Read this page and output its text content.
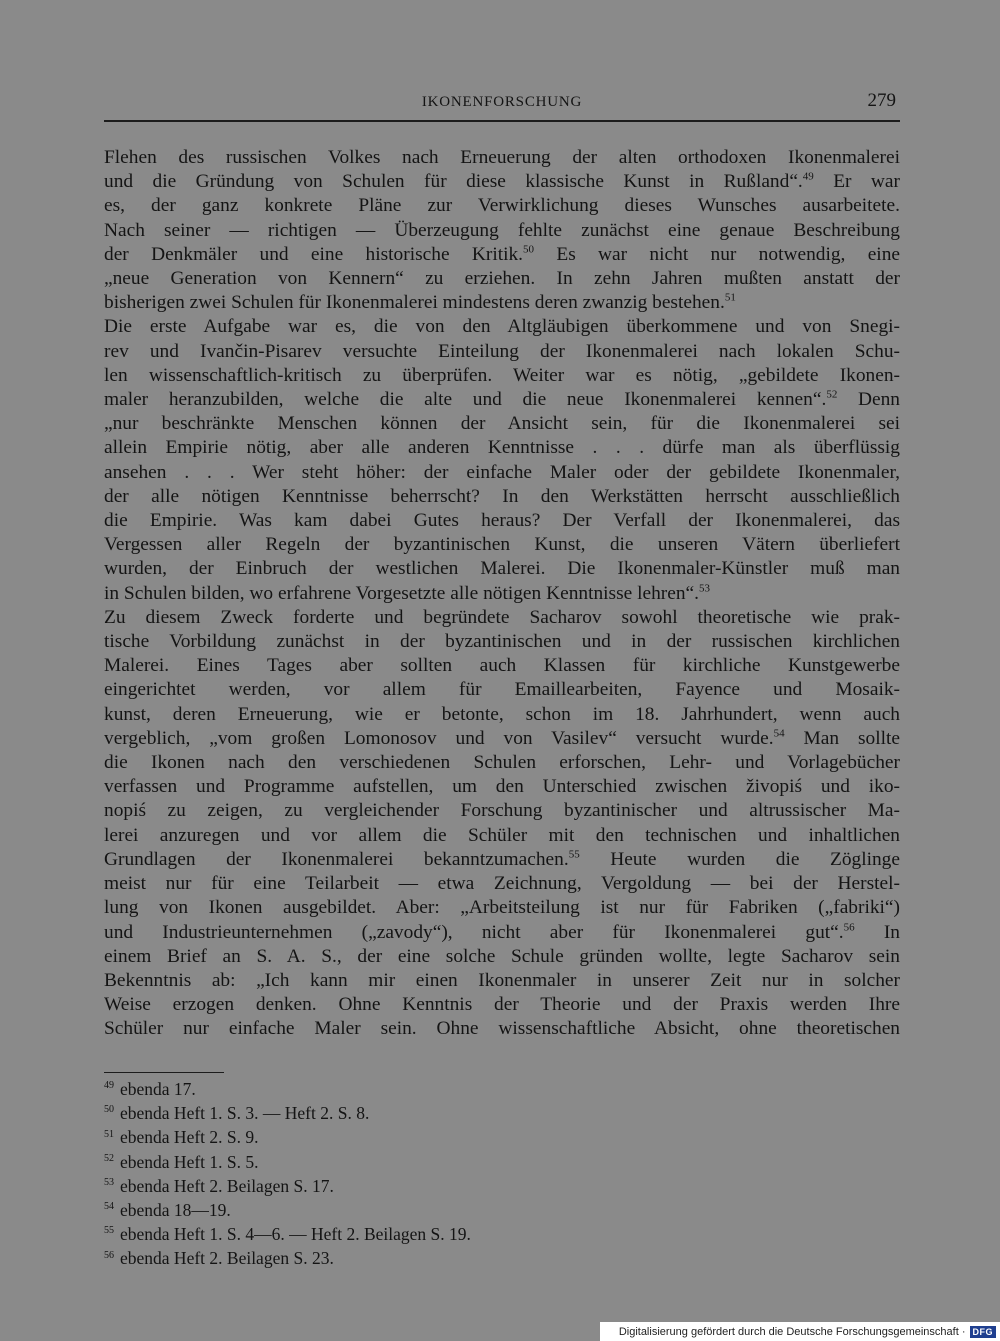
IKONENFORSCHUNG	279
Flehen des russischen Volkes nach Erneuerung der alten orthodoxen Ikonenmalerei
und die Gründung von Schulen für diese klassische Kunst in Rußland“.$^{49}$ Er war
es, der ganz konkrete Pläne zur Verwirklichung dieses Wunsches ausarbeitete.
Nach seiner — richtigen — Überzeugung fehlte zunächst eine genaue Beschreibung
der Denkmäler und eine historische Kritik.$^{50}$ Es war nicht nur notwendig, eine
„neue Generation von Kennern“ zu erziehen. In zehn Jahren mußten anstatt der
bisherigen zwei Schulen für Ikonenmalerei mindestens deren zwanzig bestehen.$^{51}$
Die erste Aufgabe war es, die von den Altgläubigen überkommene und von Snegi-
rev und Ivančin-Pisarev versuchte Einteilung der Ikonenmalerei nach lokalen Schu-
len wissenschaftlich-kritisch zu überprüfen. Weiter war es nötig, „gebildete Ikonen-
maler heranzubilden, welche die alte und die neue Ikonenmalerei kennen“.$^{52}$ Denn
„nur beschränkte Menschen können der Ansicht sein, für die Ikonenmalerei sei
allein Empirie nötig, aber alle anderen Kenntnisse . . . dürfe man als überflüssig
ansehen . . . Wer steht höher: der einfache Maler oder der gebildete Ikonenmaler,
der alle nötigen Kenntnisse beherrscht? In den Werkstätten herrscht ausschließlich
die Empirie. Was kam dabei Gutes heraus? Der Verfall der Ikonenmalerei, das
Vergessen aller Regeln der byzantinischen Kunst, die unseren Vätern überliefert
wurden, der Einbruch der westlichen Malerei. Die Ikonenmaler-Künstler muß man
in Schulen bilden, wo erfahrene Vorgesetzte alle nötigen Kenntnisse lehren“.$^{53}$
Zu diesem Zweck forderte und begründete Sacharov sowohl theoretische wie prak-
tische Vorbildung zunächst in der byzantinischen und in der russischen kirchlichen
Malerei. Eines Tages aber sollten auch Klassen für kirchliche Kunstgewerbe
eingerichtet werden, vor allem für Emaillearbeiten, Fayence und Mosaik-
kunst, deren Erneuerung, wie er betonte, schon im 18. Jahrhundert, wenn auch
vergeblich, „vom großen Lomonosov und von Vasilev“ versucht wurde.$^{54}$ Man sollte
die Ikonen nach den verschiedenen Schulen erforschen, Lehr- und Vorlagebücher
verfassen und Programme aufstellen, um den Unterschied zwischen živopiś und iko-
nopiś zu zeigen, zu vergleichender Forschung byzantinischer und altrussischer Ma-
lerei anzuregen und vor allem die Schüler mit den technischen und inhaltlichen
Grundlagen der Ikonenmalerei bekanntzumachen.$^{55}$ Heute wurden die Zöglinge
meist nur für eine Teilarbeit — etwa Zeichnung, Vergoldung — bei der Herstel-
lung von Ikonen ausgebildet. Aber: „Arbeitsteilung ist nur für Fabriken („fabriki“)
und Industrieunternehmen („zavody“), nicht aber für Ikonenmalerei gut“.$^{56}$ In
einem Brief an S. A. S., der eine solche Schule gründen wollte, legte Sacharov sein
Bekenntnis ab: „Ich kann mir einen Ikonenmaler in unserer Zeit nur in solcher
Weise erzogen denken. Ohne Kenntnis der Theorie und der Praxis werden Ihre
Schüler nur einfache Maler sein. Ohne wissenschaftliche Absicht, ohne theoretischen
$^{49}$ ebenda 17.
$^{50}$ ebenda Heft 1. S. 3. — Heft 2. S. 8.
$^{51}$ ebenda Heft 2. S. 9.
$^{52}$ ebenda Heft 1. S. 5.
$^{53}$ ebenda Heft 2. Beilagen S. 17.
$^{54}$ ebenda 18—19.
$^{55}$ ebenda Heft 1. S. 4—6. — Heft 2. Beilagen S. 19.
$^{56}$ ebenda Heft 2. Beilagen S. 23.
Digitalisierung gefördert durch die Deutsche Forschungsgemeinschaft · DFG
